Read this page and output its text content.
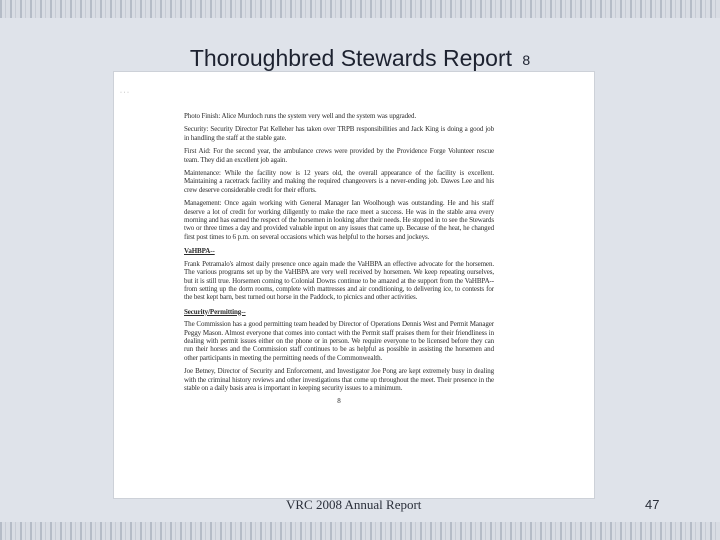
Thoroughbred Stewards Report 8
· · ·

Photo Finish: Alice Murdoch runs the system very well and the system was upgraded.

Security: Security Director Pat Kelleher has taken over TRPB responsibilities and Jack King is doing a good job in handling the staff at the stable gate.

First Aid: For the second year, the ambulance crews were provided by the Providence Forge Volunteer rescue team. They did an excellent job again.

Maintenance: While the facility now is 12 years old, the overall appearance of the facility is excellent. Maintaining a racetrack facility and making the required changeovers is a never-ending job. Dawes Lee and his crew deserve considerable credit for their efforts.

Management: Once again working with General Manager Ian Woolhough was outstanding. He and his staff deserve a lot of credit for working diligently to make the race meet a success. He was in the stable area every morning and has earned the respect of the horsemen in looking after their needs. He stopped in to see the Stewards two or three times a day and provided valuable input on any issues that came up. Because of the heat, he changed first post times to 6 p.m. on several occasions which was helpful to the horses and jockeys.

VaHBPA--

Frank Petramalo's almost daily presence once again made the VaHBPA an effective advocate for the horsemen. The various programs set up by the VaHBPA are very well received by horsemen. We keep repeating ourselves, but it is still true. Horsemen coming to Colonial Downs continue to be amazed at the support from the VaHBPA--from setting up the dorm rooms, complete with mattresses and air conditioning, to delivering ice, to contests for the best kept barn, best turned out horse in the Paddock, to picnics and other activities.

Security/Permitting--

The Commission has a good permitting team headed by Director of Operations Dennis West and Permit Manager Peggy Mason. Almost everyone that comes into contact with the Permit staff praises them for their friendliness in dealing with permit issues either on the phone or in person. We require everyone to be licensed before they can run their horses and the Commission staff continues to be as helpful as possible in assisting the horsemen and other participants in meeting the permitting needs of the Commonwealth.

Joe Betney, Director of Security and Enforcement, and Investigator Joe Pong are kept extremely busy in dealing with the criminal history reviews and other investigations that come up throughout the meet. Their presence in the stable on a daily basis area is important in keeping security issues to a minimum.

8
VRC 2008 Annual Report	47
